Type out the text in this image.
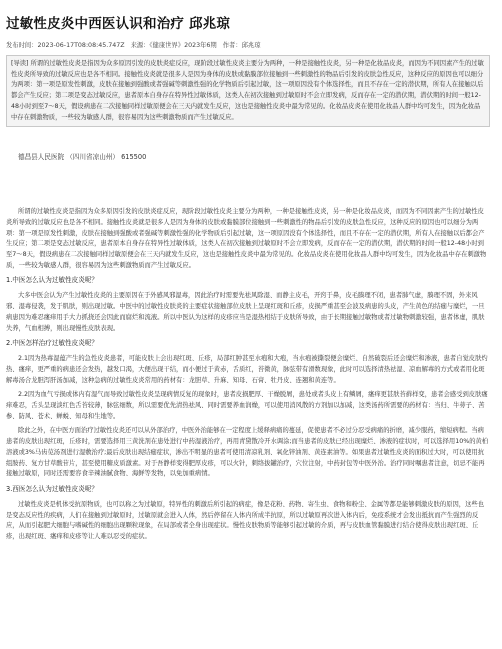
过敏性皮炎中西医认识和治疗 邱兆琼
发布时间：2023-06-17T08:08:45.747Z 来源：《健康世界》2023年6期 作者：邱兆琼
[导读] 所谓的过敏性皮炎是指因为众多原因引发的皮肤炎症反应，现阶段过敏性皮炎主要分为两种，一种是接触性皮炎，另一种是化妆品皮炎，而因为不同因素产生的过敏性皮炎所导致的过敏反应也是各不相同。接触性皮炎就是很多人是因为身体的皮肤或黏膜部位接触到一些刺激性的物品后引发的皮肤急性反应，这种反应的原因也可以细分为两项：第一项是原发性刺激，皮肤在接触到强酸或者强碱等刺激性强的化学物质后引起过敏，这一项原因没有个体选择性，而且不存在一定的潜伏期，所有人在接触以后都会产生反应；第二项是变态过敏反应，患者原本自身存在特异性过敏体质，这类人在初次接触到过敏原时不会立即发病，反而存在一定的潜伏期，潜伏期的时间一般12-48小时到至7～8天，假设病患在二次接触同样过敏原便会在三天内就发生反应，这也是接触性皮炎中最为常见的。化妆品皮炎在使用化妆品人群中均可发生，因为化妆品中存在刺激物质，一些较为敏感人群，很容易因为这些刺激物质而产生过敏反应。
德昌县人民医院 （四川省凉山州） 615500

所谓的过敏性皮炎是指因为众多原因引发的皮肤炎症反应，现阶段过敏性皮炎主要分为两种，一种是接触性皮炎，另一种是化妆品皮炎，而因为不同因素产生的过敏性皮炎所导致的过敏反应也是各不相同。接触性皮炎就是很多人是因为身体的皮肤或黏膜部位接触到一些刺激性的物品后引发的皮肤急性反应，这种反应的原因也可以细分为两项：第一项是原发性刺激，皮肤在接触到强酸或者强碱等刺激性强的化学物质后引起过敏，这一项原因没有个体选择性，而且不存在一定的潜伏期，所有人在接触以后都会产生反应；第二项是变态过敏反应，患者原本自身存在特异性过敏体质，这类人在初次接触到过敏原时不会立即发病，反而存在一定的潜伏期，潜伏期的时间一般12-48小时到至7～8天，假设病患在二次接触同样过敏原便会在三天内就发生反应，这也是接触性皮炎中最为常见的。化妆品皮炎在使用化妆品人群中均可发生，因为化妆品中存在刺激物质，一些较为敏感人群，很容易因为这些刺激物质而产生过敏反应。

1.中医怎么认为过敏性皮炎呢？

大多中医会认为产生过敏性皮炎的主要原因在于外感风邪湿毒，因此治疗时需要先祛风除湿、而静主皮毛，开窍于鼻，皮毛腠理不闭，患者肺气虚，腠理不固，外来风邪、湿毒侵袭，发于肌肤，则出现过敏。中医中的过敏性皮肤炎的主要症状接触部位皮肤上呈现红斑和丘疹，皮损严重甚至会波及病患的头皮，产生黄色的结痂与糜烂，一旦病患因为难忍瘙痒用手大力抓挠还会因此而腐烂和流液。所以中医认为这样的皮疹应当是湿热相结于皮肤所导致，由于长期接触过敏物或者过敏物刺激较强，患者体虚，肌肤失养，气血相搏，则出现慢性皮肤表现。

2.中医怎样治疗过敏性皮炎呢？

2.1因为热毒湿蕴产生的急性皮炎患者，可能皮肤上会出现红斑、丘疹，局部红肿甚至水疱和大疱，当水疱被撕裂便会糜烂、自然破裂后还会糜烂和渗液，患者自觉皮肤灼热、瘙痒，更严重的病患还会发热，越发口渴，大便出现干结，而小便过于黄赤，舌质红，苔微黄，脉弦带有滑数现象，此时可以选择清热祛湿、凉血解毒的方式或者用化斑解毒汤合龙胆泻肝汤加减，这种急病的过敏性皮炎常用的药材有：龙胆草、升麻、知母、石膏、牡丹皮、连翘和黄连等。

2.2因为血气亏损或体内有湿气而导致过敏性皮炎呈现病情反复的现象时，患者皮损肥厚、干燥脱屑，患处或者头皮上有鳞屑，瘙痒更甚肤苔藓样变，患者会感受到皮肤瘙痒难忍，舌头呈现淡红色舌苔较薄，脉弦细数，所以需要优先清热祛风、同时需要养血润燥，可以使用消风散的方剂加以加减，这类汤药所需要的药材有：当归、牛蒡子、苦参、防风、苍术、蝉蜕、知母和生地等。

除此之外，在中医方面治疗过敏性皮炎还可以从外部治疗，中医外治能够在一定程度上缓释病痛的蔓延，促使患者不必过分忍受病痛的折磨，减少服药，缩短病程。当病患者的皮肤出现红斑，丘疹时，需要选择用三黄洗剂在患处进行中药湿液治疗，再用青黛散冷开水调涂;而当患者的皮肤已经出现糜烂、渗液的症状时，可以选择用10%的黄柏溶液或3%马齿苋汤剂进行湿敷治疗;最后皮肤出现结痂症状，渗出不明显的患者可使用清凉乳剂、氧化锌油剂、黄连素油等。如果患者过敏性皮炎的面积过大时，可以使用抗组胺药、复方甘草酸苷片，甚至使用糖皮质激素。对于吾静样变得肥厚皮疹，可以火针，刺络拔罐治疗，穴位注射，中药封包等中医外治。治疗同时嘱患者注意，切忌不能再接触过敏原，同时还需要容食辛辣油腻食物、海鲜等发物，以免加重病情。

3.西医怎么认为过敏性皮炎呢？

过敏性皮炎是机体受抗原物质，也可以称之为过敏原，特异性的刺激后所引起的病症，像是花粉、药物、寄生虫、食物和粉尘、金属等都是能够刺激皮肤的原因，这些也是变态反应性的疾病，人们在接触到过敏原时，过敏原就会进入人体，然后停留在人体内所成半抗原，所以过敏原再次进入体内后，免疫系统才会发出抵抗而产生强烈的反应，从而引起肥大细胞与嗜碱性的细胞出现颗粒现象，在局部或者全身出现症状。慢性皮肤物质等能够引起过敏的介质，再与皮肤血管黏膜进行结合使得皮肤出现红斑、丘疹，出现红斑、瘙痒和皮疹等让人难以忍受的症状。
